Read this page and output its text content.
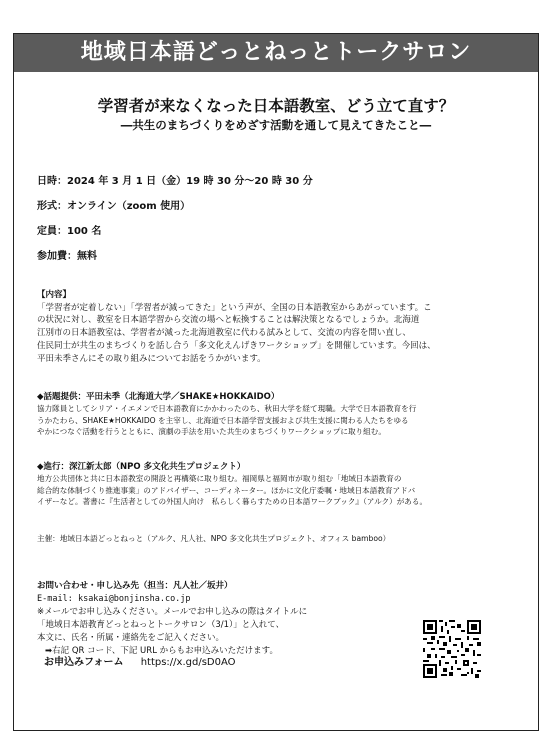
地域日本語どっとねっとトークサロン
学習者が来なくなった日本語教室、どう立て直す？
―共生のまちづくりをめざす活動を通して見えてきたこと―
日時：2024 年 3 月 1 日（金）19 時 30 分～20 時 30 分
形式：オンライン（zoom 使用）
定員：100 名
参加費：無料
【内容】
「学習者が定着しない」「学習者が減ってきた」という声が、全国の日本語教室からあがっています。こ
の状況に対し、教室を日本語学習から交流の場へと転換することは解決策となるでしょうか。北海道
江別市の日本語教室は、学習者が減った北海道教室に代わる試みとして、交流の内容を問い直し、
住民同士が共生のまちづくりを話し合う「多文化えんげきワークショップ」を開催しています。今回は、
平田未季さんにその取り組みについてお話をうかがいます。
◆話題提供：平田未季（北海道大学／SHAKE★HOKKAIDO）
協力隊員としてシリア・イエメンで日本語教育にかかわったのち、秋田大学を経て現職。大学で日本語教育を行
うかたわら、SHAKE★HOKKAIDO を主宰し、北海道で日本語学習支援および共生支援に関わる人たちをゆる
やかにつなぐ活動を行うとともに、演劇の手法を用いた共生のまちづくりワークショップに取り組む。
◆進行：深江新太郎（NPO 多文化共生プロジェクト）
地方公共団体と共に日本語教室の開設と再構築に取り組む。福岡県と福岡市が取り組む「地域日本語教育の
総合的な体制づくり推進事業」のアドバイザー、コーディネーター。ほかに文化庁委嘱・地域日本語教育アドバ
イザーなど。著書に『生活者としての外国人向け　私らしく暮らすための日本語ワークブック』（アルク）がある。
主催：地域日本語どっとねっと（アルク、凡人社、NPO 多文化共生プロジェクト、オフィス bamboo）
お問い合わせ・申し込み先（担当：凡人社／坂井）
E-mail: ksakai@bonjinsha.co.jp
※メールでお申し込みください。メールでお申し込みの際はタイトルに
「地域日本語教育どっとねっとトークサロン（3/1）」と入れて、
本文に、氏名・所属・連絡先をご記入ください。
➡右記 QR コード、下記 URL からもお申込みいただけます。
お申込みフォーム https://x.gd/sD0AO
